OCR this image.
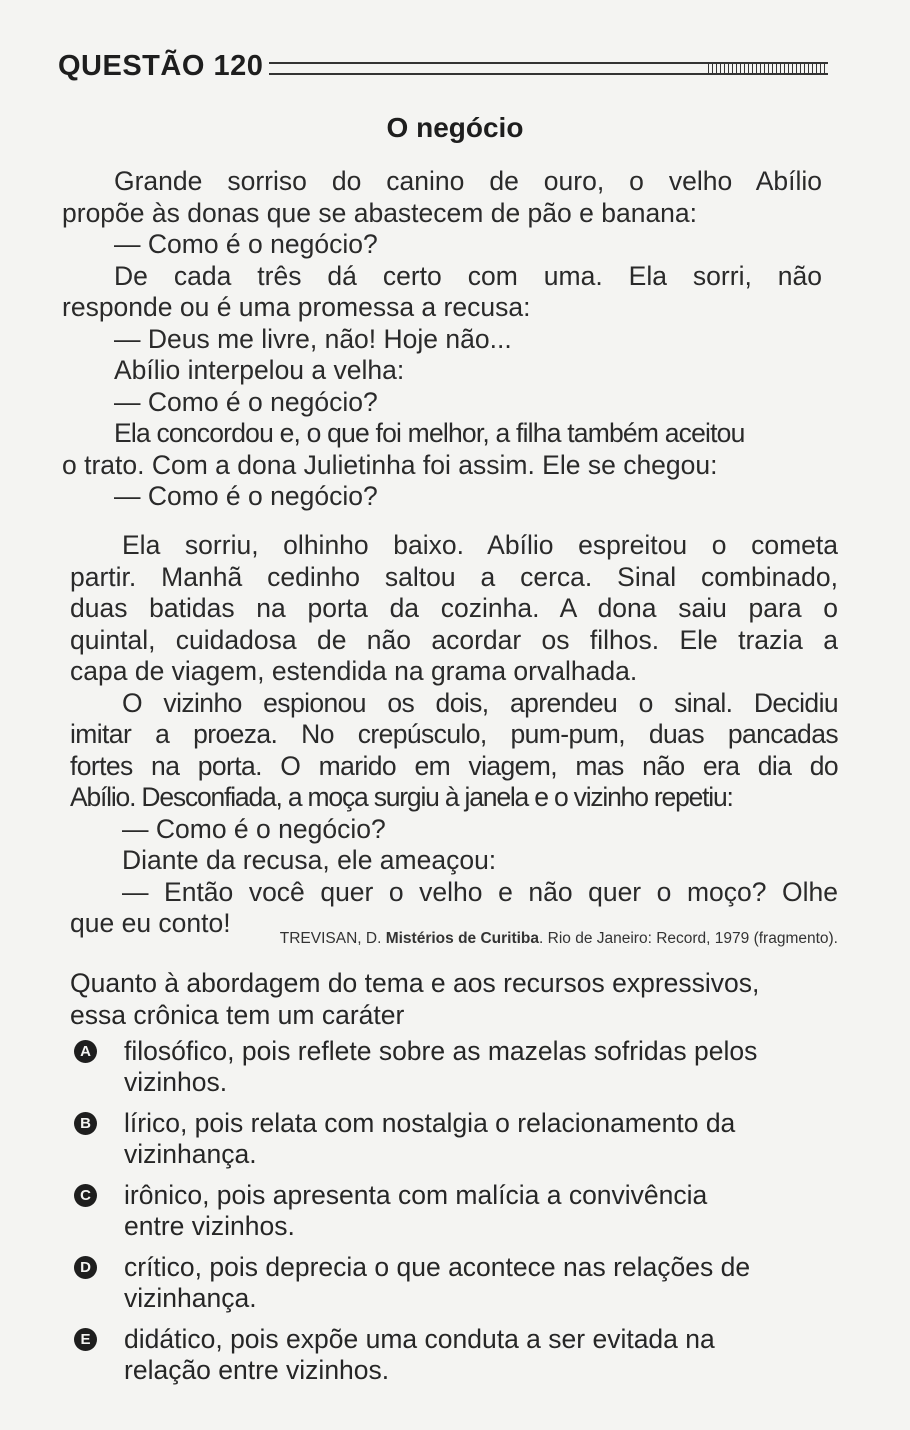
QUESTÃO 120
O negócio
Grande sorriso do canino de ouro, o velho Abílio
propõe às donas que se abastecem de pão e banana:
— Como é o negócio?
De cada três dá certo com uma. Ela sorri, não
responde ou é uma promessa a recusa:
— Deus me livre, não! Hoje não...
Abílio interpelou a velha:
— Como é o negócio?
Ela concordou e, o que foi melhor, a filha também aceitou
o trato. Com a dona Julietinha foi assim. Ele se chegou:
— Como é o negócio?
Ela sorriu, olhinho baixo. Abílio espreitou o cometa
partir. Manhã cedinho saltou a cerca. Sinal combinado,
duas batidas na porta da cozinha. A dona saiu para o
quintal, cuidadosa de não acordar os filhos. Ele trazia a
capa de viagem, estendida na grama orvalhada.
O vizinho espionou os dois, aprendeu o sinal. Decidiu
imitar a proeza. No crepúsculo, pum-pum, duas pancadas
fortes na porta. O marido em viagem, mas não era dia do
Abílio. Desconfiada, a moça surgiu à janela e o vizinho repetiu:
— Como é o negócio?
Diante da recusa, ele ameaçou:
— Então você quer o velho e não quer o moço? Olhe
que eu conto!
TREVISAN, D. Mistérios de Curitiba. Rio de Janeiro: Record, 1979 (fragmento).
Quanto à abordagem do tema e aos recursos expressivos,
essa crônica tem um caráter
A filosófico, pois reflete sobre as mazelas sofridas pelos
vizinhos.
B lírico, pois relata com nostalgia o relacionamento da
vizinhança.
C irônico, pois apresenta com malícia a convivência
entre vizinhos.
D crítico, pois deprecia o que acontece nas relações de
vizinhança.
E didático, pois expõe uma conduta a ser evitada na
relação entre vizinhos.
